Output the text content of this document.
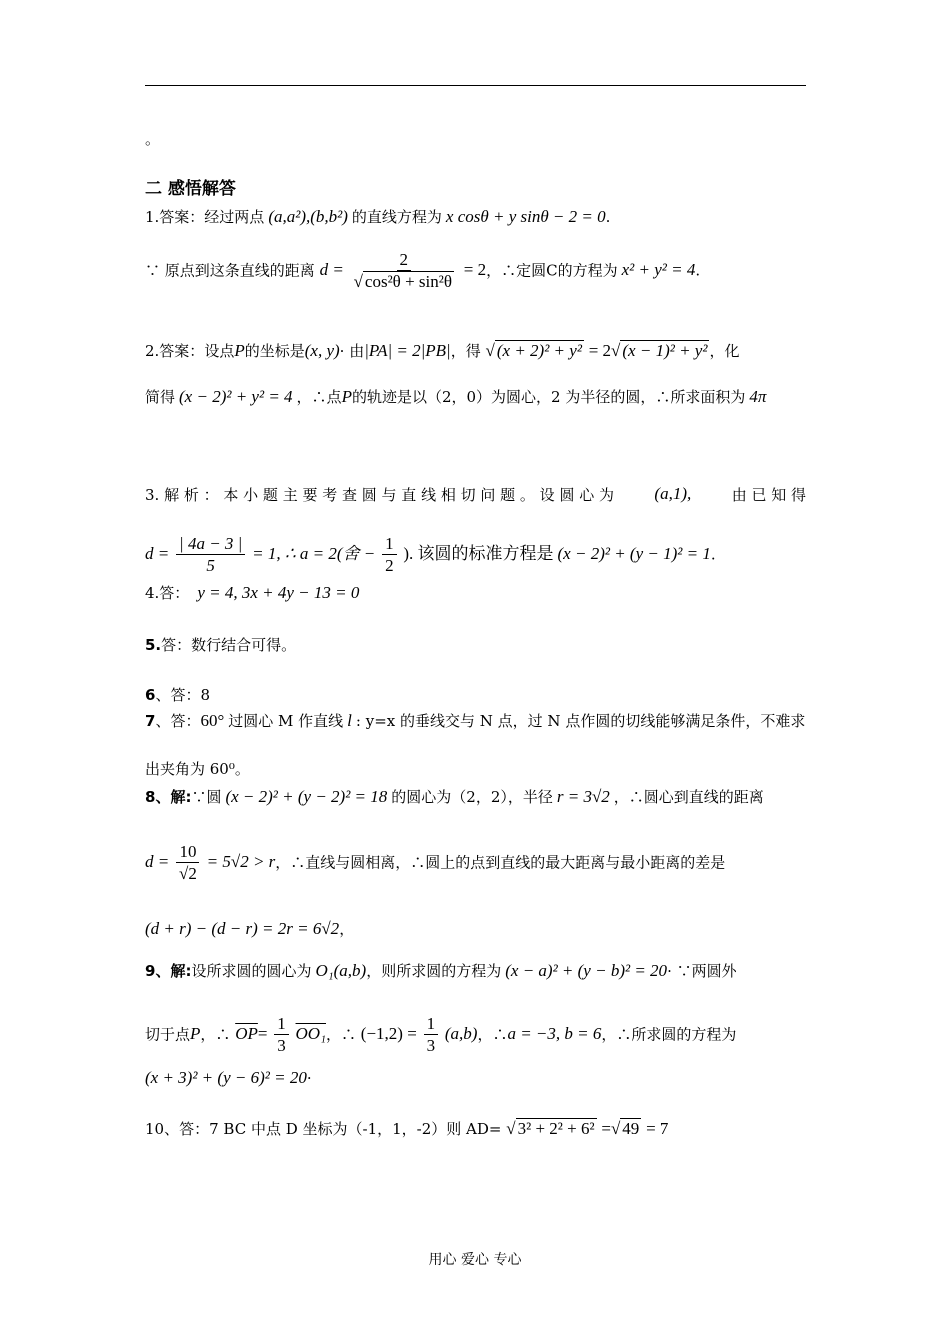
。
二 感悟解答
1.答案：经过两点 (a,a²),(b,b²) 的直线方程为 x cosθ + y sinθ − 2 = 0.
∵ 原点到这条直线的距离 $d = \frac{2}{\text{√ cos²θ + sin²θ}} = 2$，∴定圆C的方程为 x² + y² = 4.
2.答案：设点P的坐标是(x, y)· 由|PA| = 2|PB|，得 √ (x + 2)² + y² = 2√ (x − 1)² + y² ，化
简得 (x − 2)² + y² = 4 ，∴点P的轨迹是以（2，0）为圆心，2 为半径的圆，∴所求面积为 4π
3. 解 析 ： 本 小 题 主 要 考 查 圆 与 直 线 相 切 问 题 。 设 圆 心 为 (a,1),	由 已 知 得
$d = \frac{| 4a - 3 |}{5} = 1$, ∴ a = 2(舍 − $\frac{1}{2}$ ). 该圆的标准方程是 (x − 2)² + (y − 1)² = 1.
4.答： y = 4, 3x + 4y − 13 = 0
5.答：数行结合可得。
6、答：8
7、答：60° 过圆心 M 作直线 l : y=x 的垂线交与 N 点，过 N 点作圆的切线能够满足条件，不难求
出夹角为 60⁰。
8、解:∵圆 (x − 2)² + (y − 2)² = 18 的圆心为（2，2），半径 r = 3√2 ，∴圆心到直线的距离
$d = \frac{10}{√2} = 5√2 > r$，∴直线与圆相离，∴圆上的点到直线的最大距离与最小距离的差是
(d + r) − (d − r) = 2r = 6√2，
9、解:设所求圆的圆心为 O₁(a,b)，则所求圆的方程为 (x − a)² + (y − b)² = 20· ∵两圆外
切于点P，∴ $\overline{OP}= \frac{1}{3} OO_1$，∴ $(-1,2) = \frac{1}{3} (a,b)$，∴a = −3, b = 6，∴所求圆的方程为
(x + 3)² + (y − 6)² = 20·
10、答：7 BC 中点 D 坐标为（-1，1，-2）则 AD= √ 3² + 2² + 6² =√ 49 = 7
用心 爱心 专心
